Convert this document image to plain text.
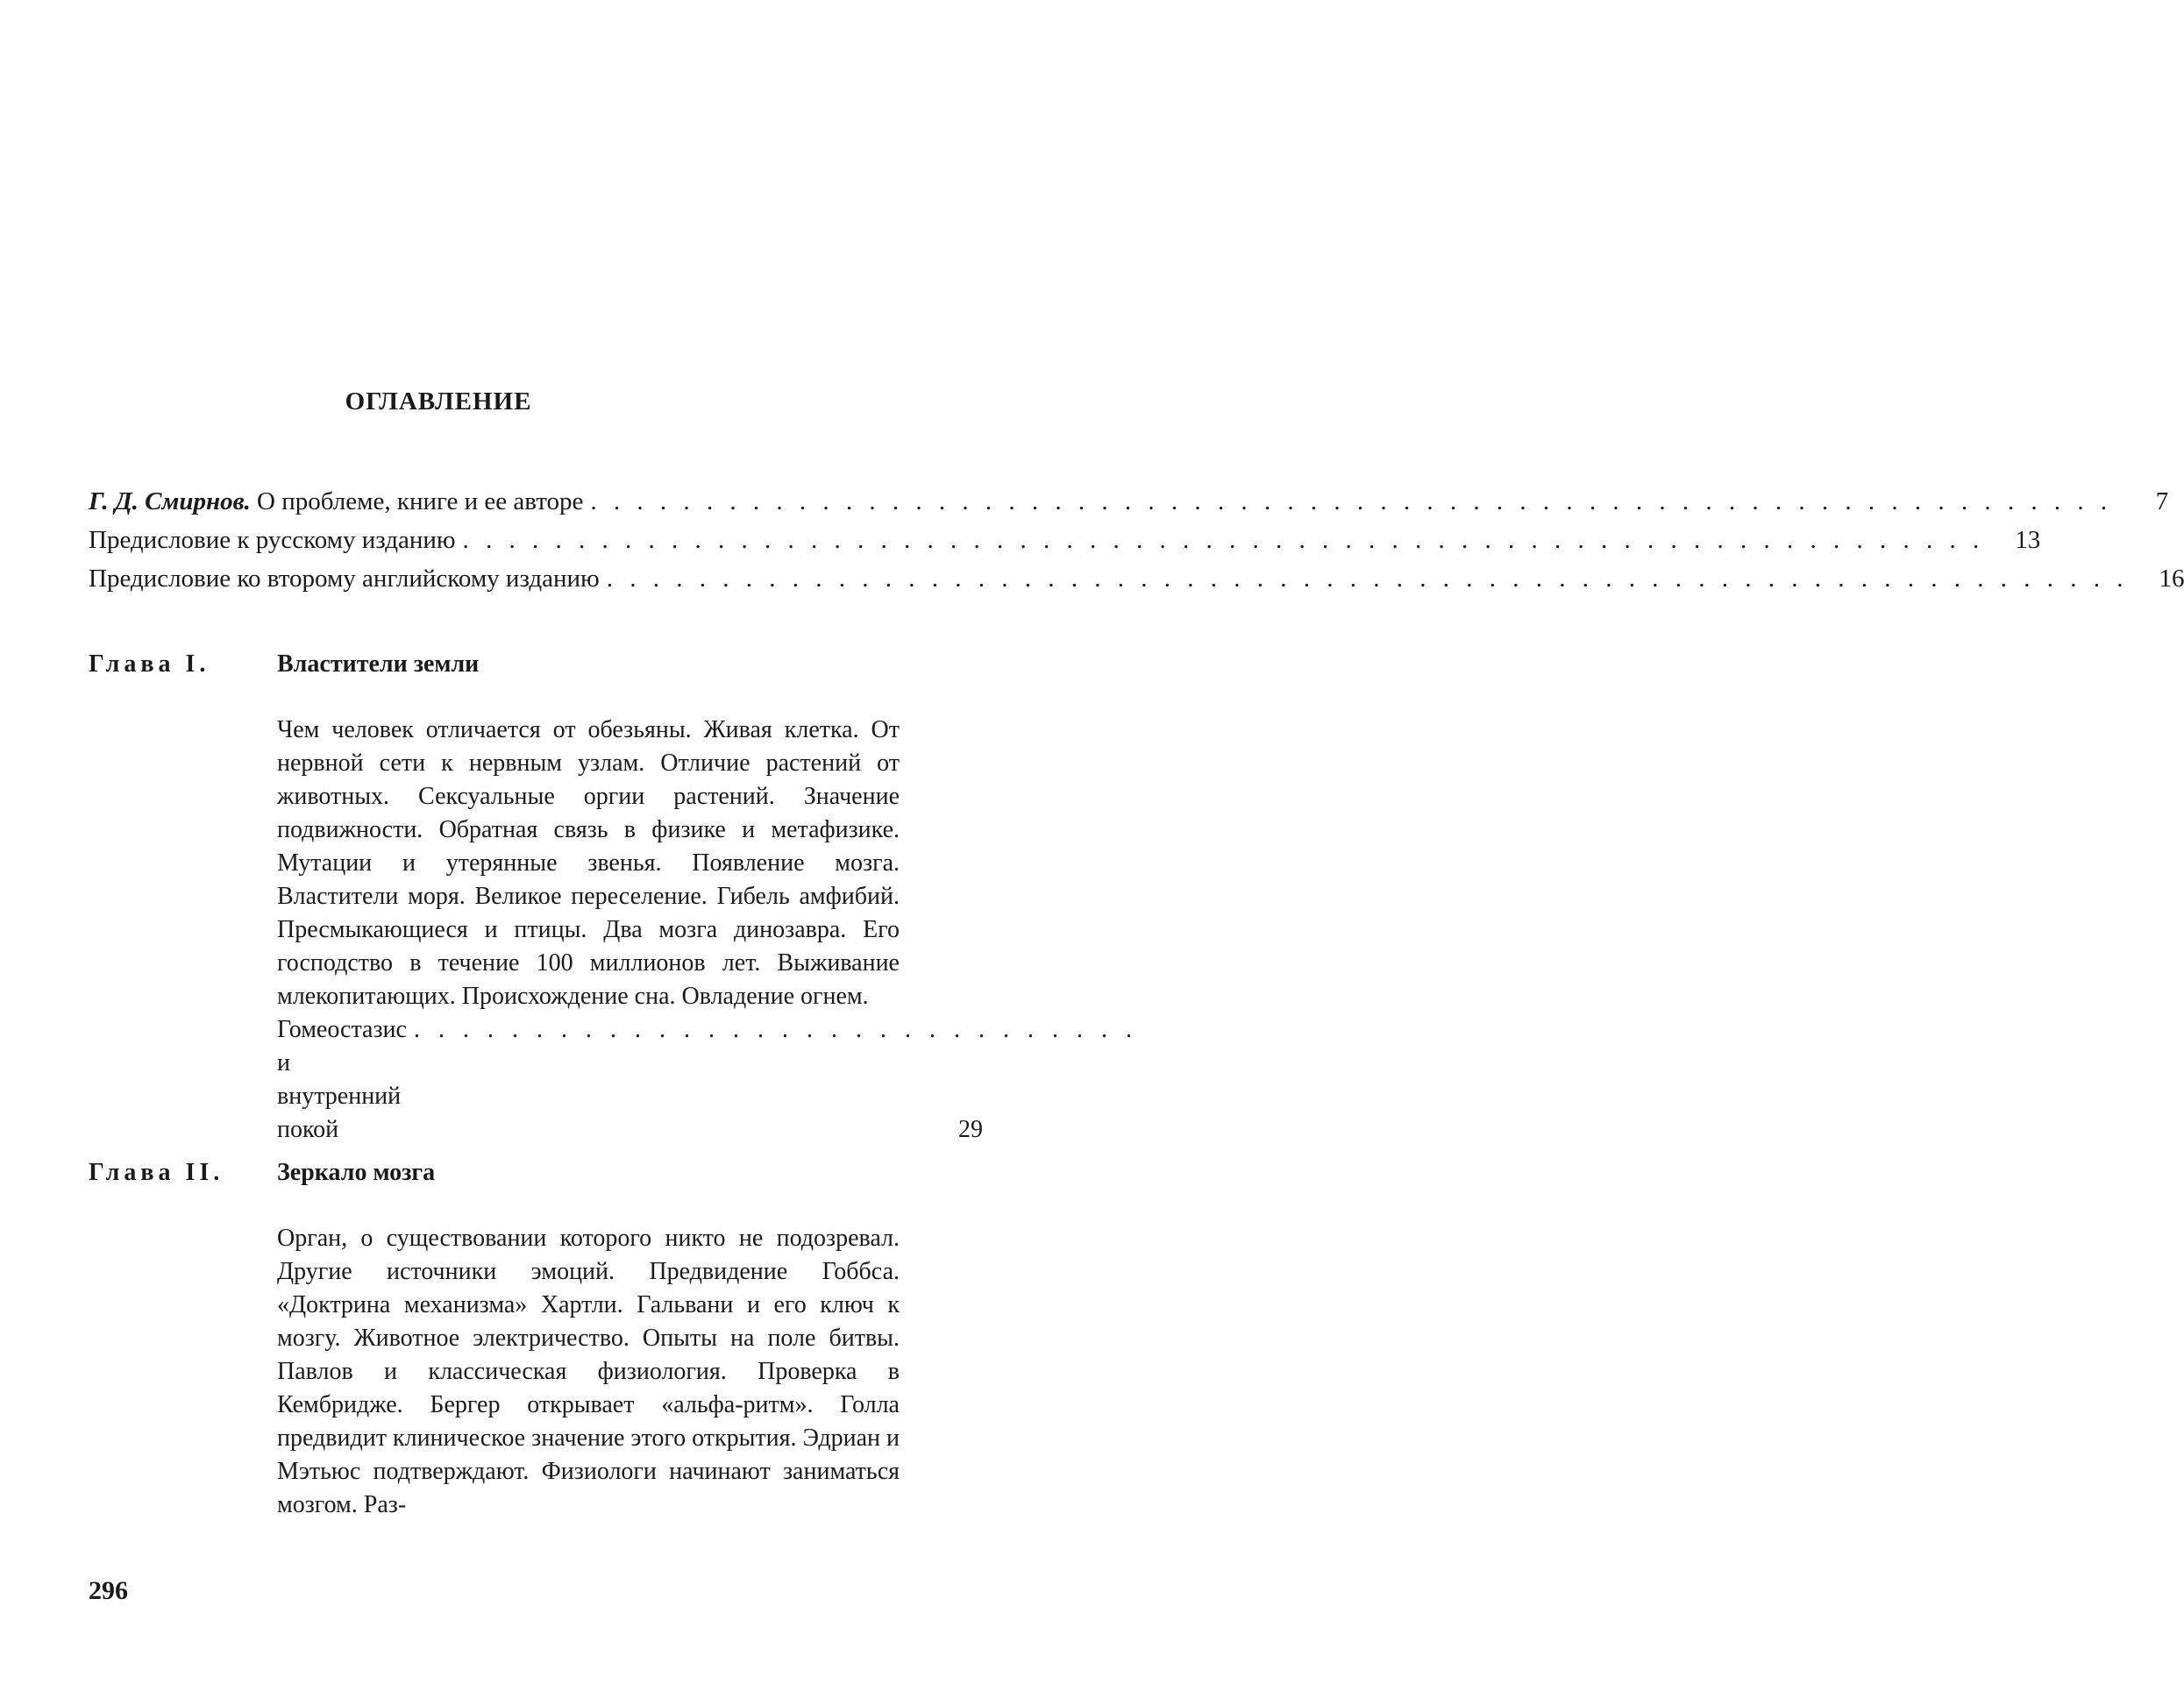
ОГЛАВЛЕНИЕ
Г. Д. Смирнов. О проблеме, книге и ее авторе
. . .	7
Предисловие к русскому изданию
. . .	13
Предисловие ко второму английскому изданию
. . .	16
Глава I.	Властители земли
Чем человек отличается от обезьяны. Живая клетка. От нервной сети к нервным узлам. Отличие растений от животных. Сексуальные оргии растений. Значение подвижности. Обратная связь в физике и метафизике. Мутации и утерянные звенья. Появление мозга. Властители моря. Великое переселение. Гибель амфибий. Пресмыкающиеся и птицы. Два мозга динозавра. Его господство в течение 100 миллионов лет. Выживание млекопитающих. Происхождение сна. Овладение огнем.
Гомеостазис и внутренний покой
. . .	29
Глава II.	Зеркало мозга
Орган, о существовании которого никто не подозревал. Другие источники эмоций. Предвидение Гоббса. «Доктрина механизма» Хартли. Гальвани и его ключ к мозгу. Животное электричество. Опыты на поле битвы. Павлов и классическая физиология. Проверка в Кембридже. Бергер открывает «альфа-ритм». Голла предвидит клиническое значение этого открытия. Эдриан и Мэтьюс подтверждают. Физиологи начинают заниматься мозгом. Раз-
296
